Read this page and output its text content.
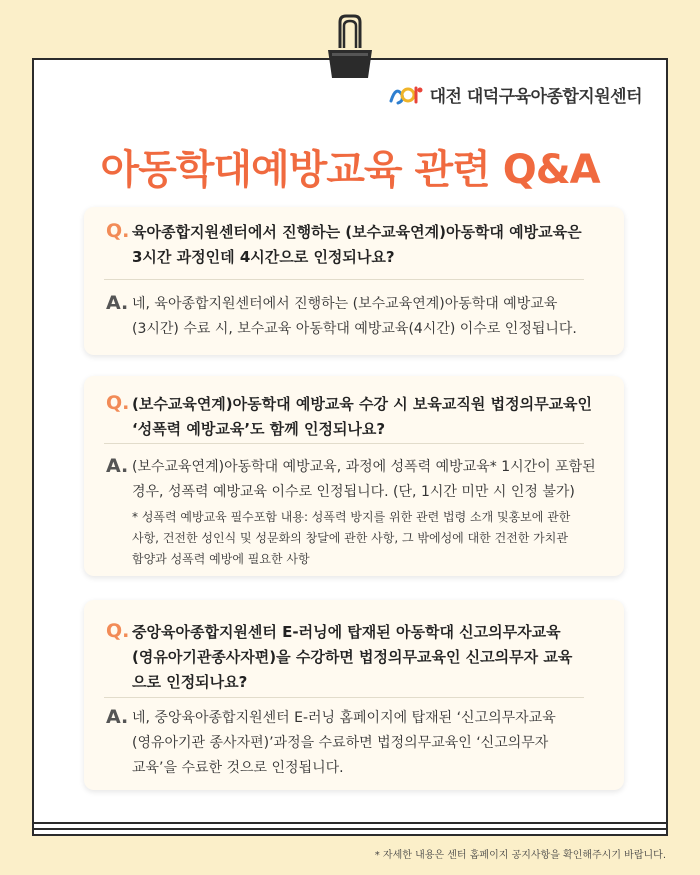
대전 대덕구육아종합지원센터
아동학대예방교육 관련 Q&A
Q. 육아종합지원센터에서 진행하는 (보수교육연계)아동학대 예방교육은
3시간 과정인데 4시간으로 인정되나요?
A. 네, 육아종합지원센터에서 진행하는 (보수교육연계)아동학대 예방교육
(3시간) 수료 시, 보수교육 아동학대 예방교육(4시간) 이수로 인정됩니다.
Q. (보수교육연계)아동학대 예방교육 수강 시 보육교직원 법정의무교육인
‘성폭력 예방교육’도 함께 인정되나요?
A. (보수교육연계)아동학대 예방교육, 과정에 성폭력 예방교육* 1시간이 포함된
경우, 성폭력 예방교육 이수로 인정됩니다. (단, 1시간 미만 시 인정 불가)
* 성폭력 예방교육 필수포함 내용: 성폭력 방지를 위한 관련 법령 소개 및홍보에 관한
사항, 건전한 성인식 및 성문화의 창달에 관한 사항, 그 밖에성에 대한 건전한 가치관
함양과 성폭력 예방에 필요한 사항
Q. 중앙육아종합지원센터 E-러닝에 탑재된 아동학대 신고의무자교육
(영유아기관종사자편)을 수강하면 법정의무교육인 신고의무자 교육
으로 인정되나요?
A. 네, 중앙육아종합지원센터 E-러닝 홈페이지에 탑재된 ‘신고의무자교육
(영유아기관 종사자편)’과정을 수료하면 법정의무교육인 ‘신고의무자
교육’을 수료한 것으로 인정됩니다.
* 자세한 내용은 센터 홈페이지 공지사항을 확인해주시기 바랍니다.
